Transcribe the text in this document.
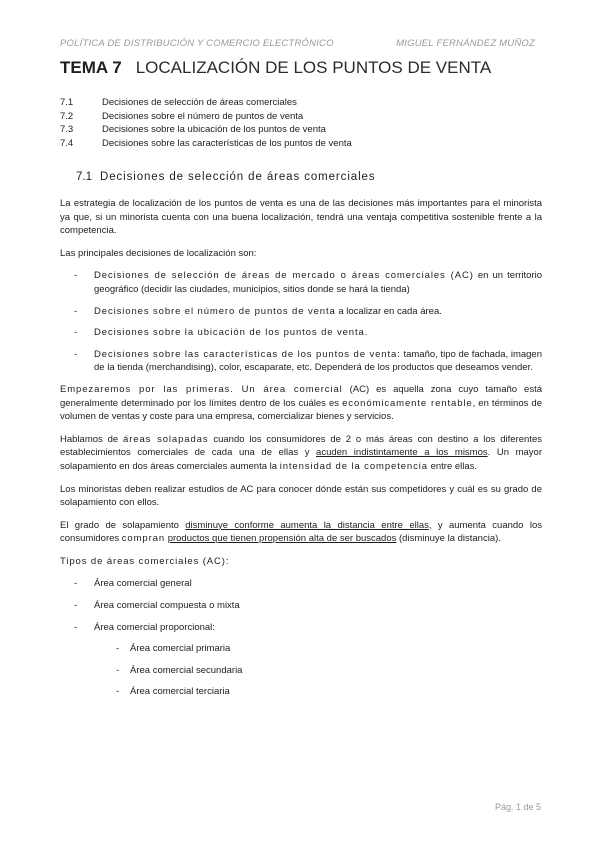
POLÍTICA DE DISTRIBUCIÓN Y COMERCIO ELECTRÓNICO	MIGUEL FERNÁNDEZ MUÑOZ
TEMA 7 LOCALIZACIÓN DE LOS PUNTOS DE VENTA
7.1	Decisiones de selección de áreas comerciales
7.2	Decisiones sobre el número de puntos de venta
7.3	Decisiones sobre la ubicación de los puntos de venta
7.4	Decisiones sobre las características de los puntos de venta
7.1 Decisiones de selección de áreas comerciales

La estrategia de localización de los puntos de venta es una de las decisiones más importantes para el minorista ya que, si un minorista cuenta con una buena localización, tendrá una ventaja competitiva sostenible frente a la competencia.

Las principales decisiones de localización son:

-	Decisiones de selección de áreas de mercado o áreas comerciales (AC) en un territorio geográfico (decidir las ciudades, municipios, sitios donde se hará la tienda)
-	Decisiones sobre el número de puntos de venta a localizar en cada área.
-	Decisiones sobre la ubicación de los puntos de venta.
-	Decisiones sobre las características de los puntos de venta: tamaño, tipo de fachada, imagen de la tienda (merchandising), color, escaparate, etc. Dependerá de los productos que deseamos vender.

Empezaremos por las primeras. Un área comercial (AC) es aquella zona cuyo tamaño está generalmente determinado por los límites dentro de los cuáles es económicamente rentable, en términos de volumen de ventas y coste para una empresa, comercializar bienes y servicios.

Hablamos de áreas solapadas cuando los consumidores de 2 o más áreas con destino a los diferentes establecimientos comerciales de cada una de ellas y acuden indistintamente a los mismos. Un mayor solapamiento en dos áreas comerciales aumenta la intensidad de la competencia entre ellas.

Los minoristas deben realizar estudios de AC para conocer dónde están sus competidores y cuál es su grado de solapamiento con ellos.

El grado de solapamiento disminuye conforme aumenta la distancia entre ellas, y aumenta cuando los consumidores compran productos que tienen propensión alta de ser buscados (disminuye la distancia).

Tipos de áreas comerciales (AC):

-	Área comercial general
-	Área comercial compuesta o mixta
-	Área comercial proporcional:
-	Área comercial primaria
-	Área comercial secundaria
-	Área comercial terciaria
Pág. 1 de 5
